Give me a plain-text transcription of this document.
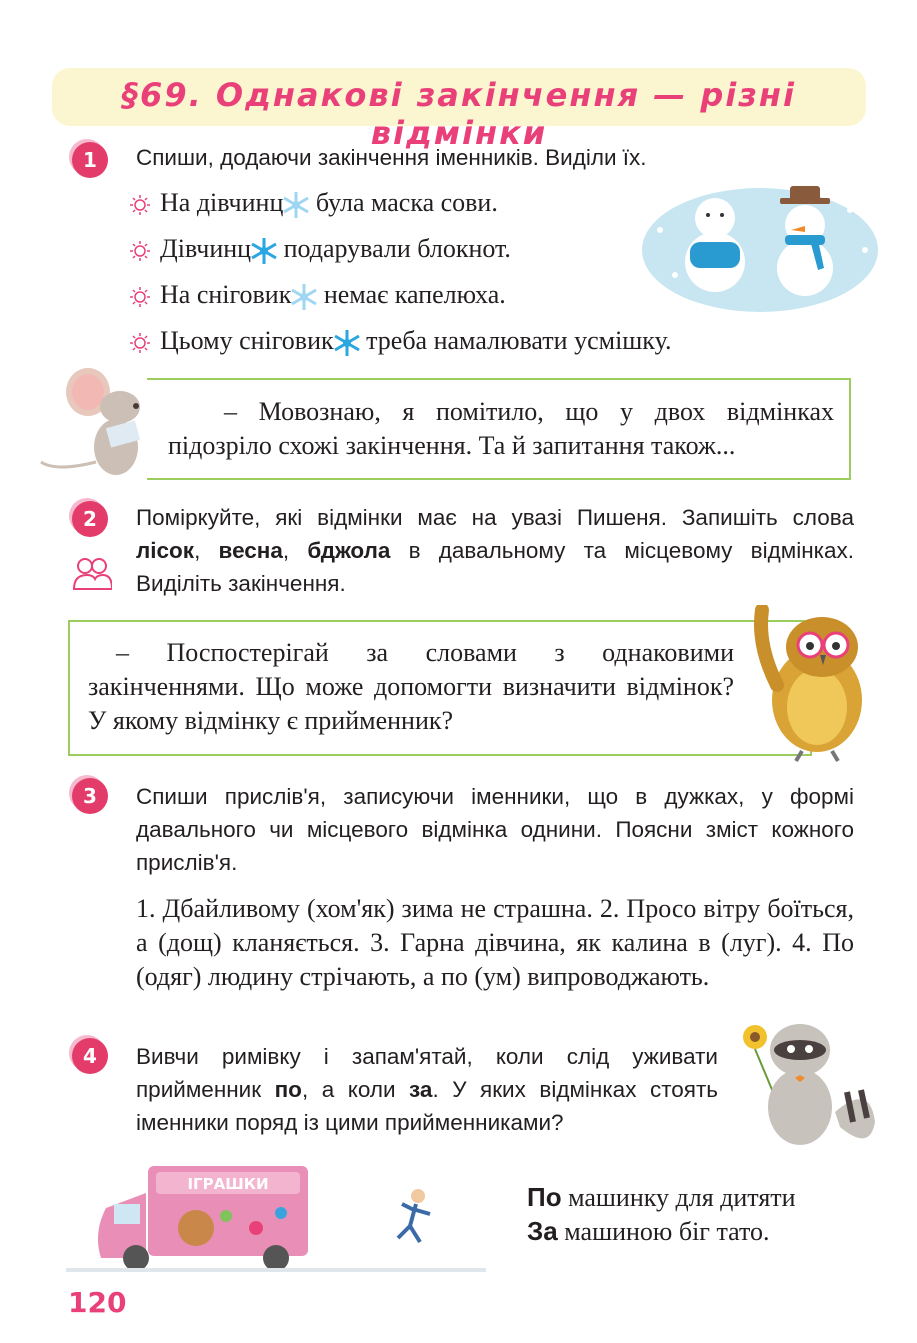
§69. Однакові закінчення — різні відмінки
1	Спиши, додаючи закінчення іменників. Виділи їх.
На дівчинц була маска сови.
Дівчинц подарували блокнот.
На сніговик немає капелюха.
Цьому сніговик треба намалювати усмішку.
– Мовознаю, я помітило, що у двох відмінках підозріло схожі закінчення. Та й запитання також...
2	Поміркуйте, які відмінки має на увазі Пишеня. Запишіть слова лісок, весна, бджола в давальному та місцевому відмінках. Виділіть закінчення.
– Поспостерігай за словами з однаковими закінченнями. Що може допомогти визначити відмінок? У якому відмінку є прийменник?
3	Спиши прислів'я, записуючи іменники, що в дужках, у формі давального чи місцевого відмінка однини. Поясни зміст кожного прислів'я.
1. Дбайливому (хом'як) зима не страшна. 2. Просо вітру боїться, а (дощ) кланяється. 3. Гарна дівчина, як калина в (луг). 4. По (одяг) людину стрічають, а по (ум) випроводжають.
4	Вивчи римівку і запам'ятай, коли слід уживати прийменник по, а коли за. У яких відмінках стоять іменники поряд із цими прийменниками?
ІГРАШКИ	По машинку для дитяти
За машиною біг тато.
120
